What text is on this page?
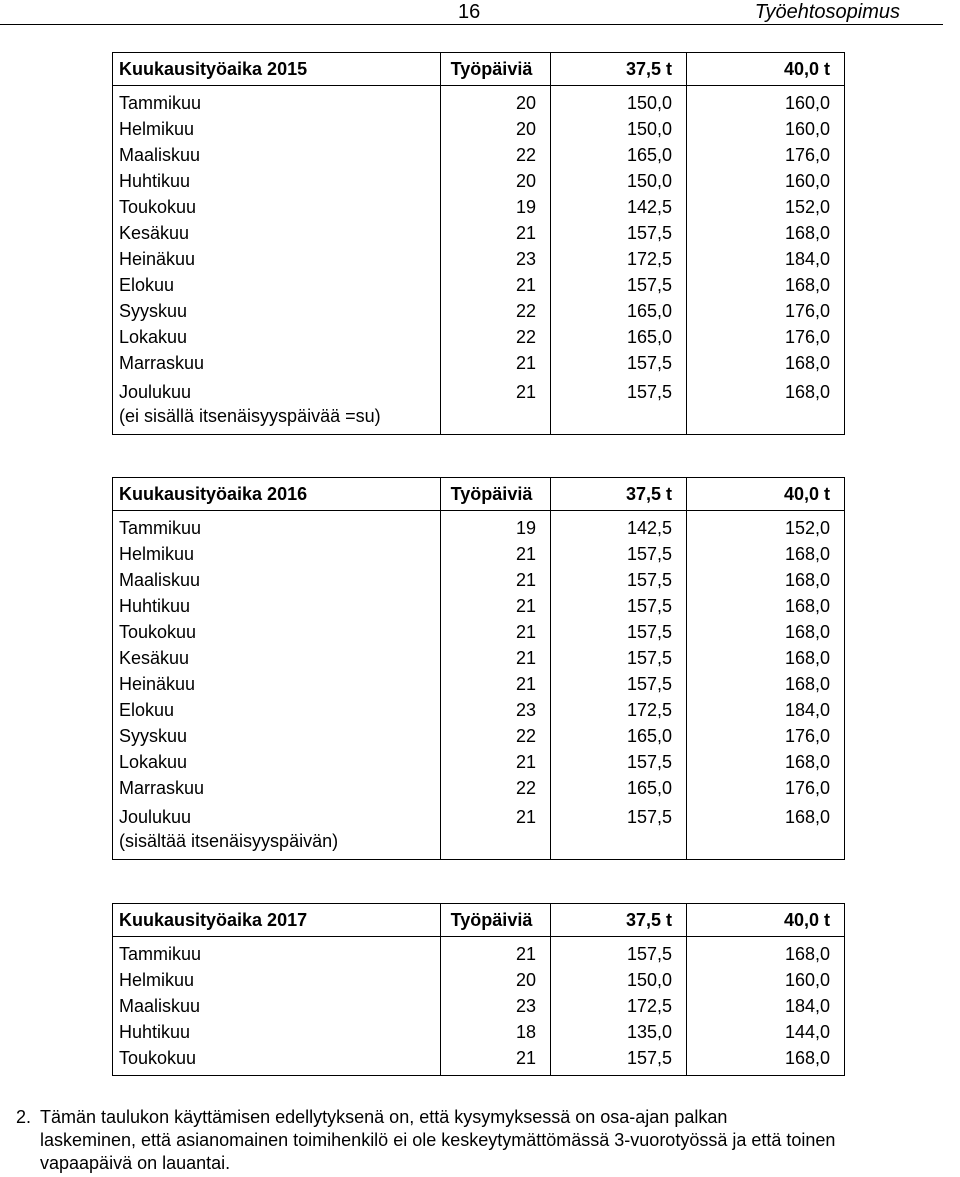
16	Työehtosopimus
Kuukausityöaika 2015	Työpäiviä	37,5 t	40,0 t
Tammikuu	20	150,0	160,0
Helmikuu	20	150,0	160,0
Maaliskuu	22	165,0	176,0
Huhtikuu	20	150,0	160,0
Toukokuu	19	142,5	152,0
Kesäkuu	21	157,5	168,0
Heinäkuu	23	172,5	184,0
Elokuu	21	157,5	168,0
Syyskuu	22	165,0	176,0
Lokakuu	22	165,0	176,0
Marraskuu	21	157,5	168,0
Joulukuu
(ei sisällä itsenäisyyspäivää =su)	21	157,5	168,0
Kuukausityöaika 2016	Työpäiviä	37,5 t	40,0 t
Tammikuu	19	142,5	152,0
Helmikuu	21	157,5	168,0
Maaliskuu	21	157,5	168,0
Huhtikuu	21	157,5	168,0
Toukokuu	21	157,5	168,0
Kesäkuu	21	157,5	168,0
Heinäkuu	21	157,5	168,0
Elokuu	23	172,5	184,0
Syyskuu	22	165,0	176,0
Lokakuu	21	157,5	168,0
Marraskuu	22	165,0	176,0
Joulukuu
(sisältää itsenäisyyspäivän)	21	157,5	168,0
Kuukausityöaika 2017	Työpäiviä	37,5 t	40,0 t
Tammikuu	21	157,5	168,0
Helmikuu	20	150,0	160,0
Maaliskuu	23	172,5	184,0
Huhtikuu	18	135,0	144,0
Toukokuu	21	157,5	168,0
2. Tämän taulukon käyttämisen edellytyksenä on, että kysymyksessä on osa-ajan palkan
laskeminen, että asianomainen toimihenkilö ei ole keskeytymättömässä 3-vuorotyössä ja että toinen
vapaapäivä on lauantai.
